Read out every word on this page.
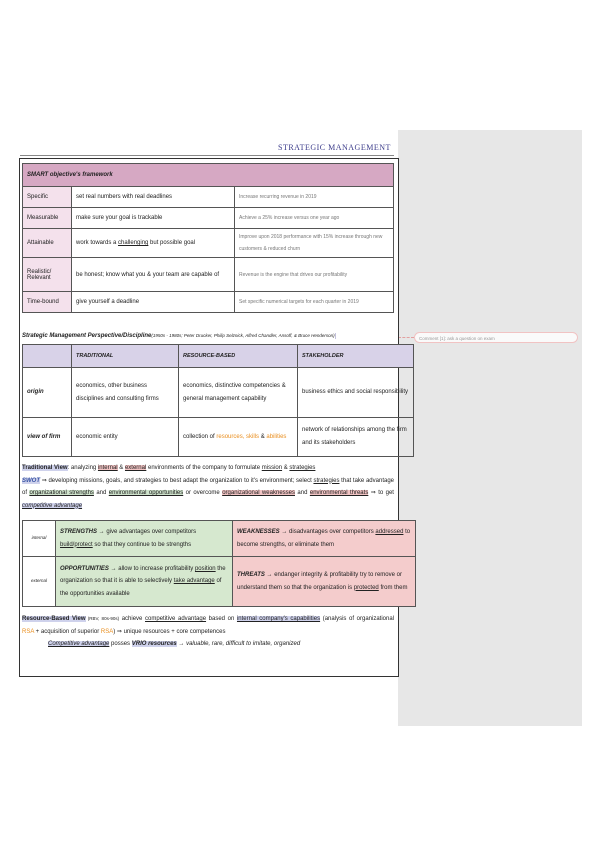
Comment [1]: ask a question on exam
STRATEGIC MANAGEMENT
SMART objective's framework		
Specific	set real numbers with real deadlines	Increase recurring revenue in 2019
Measurable	make sure your goal is trackable	Achieve a 25% increase versus one year ago
Attainable	work towards a challenging but possible goal	Improve upon 2018 performance with 15% increase through new customers & reduced churn
Realistic/ Relevant	be honest; know what you & your team are capable of	Revenue is the engine that drives our profitability
Time-bound	give yourself a deadline	Set specific numerical targets for each quarter in 2019
Strategic Management Perspective/Discipline(1950s - 1980s; Peter Drucker, Philip Selznick, Alfred Chandler, Ansoff, & Bruce Henderson)
	TRADITIONAL	RESOURCE-BASED	STAKEHOLDER
origin	economics, other business disciplines and consulting firms	economics, distinctive competencies & general management capability	business ethics and social responsibility
view of firm	economic entity	collection of resources, skills & abilities	network of relationships among the firm and its stakeholders
Traditional View: analyzing internal & external environments of the company to formulate mission & strategies
SWOT ⇒ developing missions, goals, and strategies to best adapt the organization to it's environment; select strategies that take advantage of organizational strengths and environmental opportunities or overcome organizational weaknesses and environmental threats ⇒ to get competitive advantage
internal	STRENGTHS → give advantages over competitors build/protect so that they continue to be strengths	WEAKNESSES → disadvantages over competitors addressed to become strengths, or eliminate them
external	OPPORTUNITIES → allow to increase profitability position the organization so that it is able to selectively take advantage of the opportunities available	THREATS → endanger integrity & profitability try to remove or understand them so that the organization is protected from them
Resource-Based View (RBV, 80s-90s) achieve competitive advantage based on internal company's capabilities (analysis of organizational RSA + acquisition of superior RSA) ⇒ unique resources + core competences
Competitive advantage posses VRIO resources → valuable, rare, difficult to imitate, organized
